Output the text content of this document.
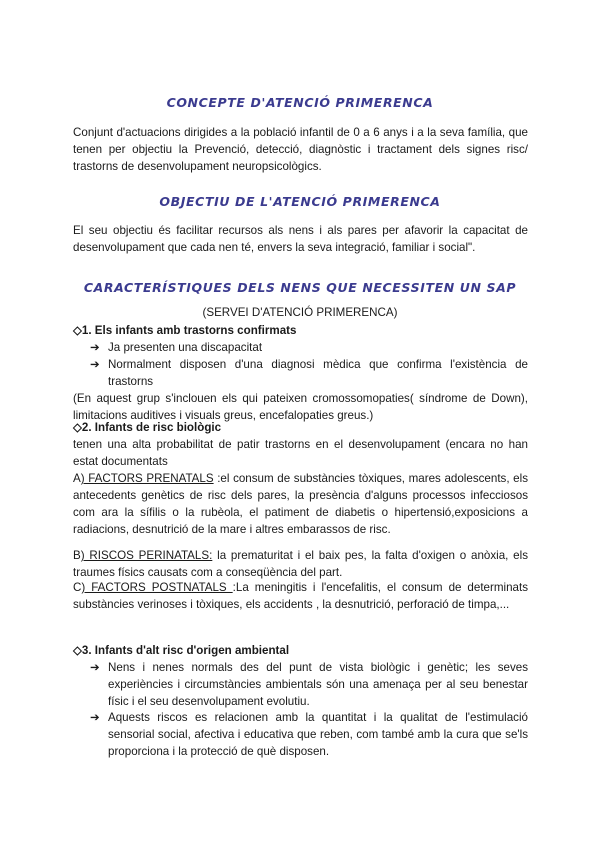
CONCEPTE D'ATENCIÓ PRIMERENCA
Conjunt d'actuacions dirigides a la població infantil de 0 a 6 anys i a la seva família, que tenen per objectiu la Prevenció, detecció, diagnòstic i tractament dels signes risc/ trastorns de desenvolupament neuropsicològics.
OBJECTIU DE L'ATENCIÓ PRIMERENCA
El seu objectiu és facilitar recursos als nens i als pares per afavorir la capacitat de desenvolupament que cada nen té, envers la seva integració, familiar i social".
CARACTERÍSTIQUES DELS NENS QUE NECESSITEN UN SAP
(SERVEI D'ATENCIÓ PRIMERENCA)
◇1. Els infants amb trastorns confirmats
➔ Ja presenten una discapacitat
➔ Normalment disposen d'una diagnosi mèdica que confirma l'existència de trastorns
(En aquest grup s'inclouen els qui pateixen cromossomopaties( síndrome de Down), limitacions auditives i visuals greus, encefalopaties greus.)
◇2. Infants de risc biològic
tenen una alta probabilitat de patir trastorns en el desenvolupament (encara no han estat documentats
A) FACTORS PRENATALS :el consum de substàncies tòxiques, mares adolescents, els antecedents genètics de risc dels pares, la presència d'alguns processos infecciosos com ara la sífilis o la rubèola, el patiment de diabetis o hipertensió,exposicions a radiacions, desnutrició de la mare i altres embarassos de risc.
B) RISCOS PERINATALS: la prematuritat i el baix pes, la falta d'oxigen o anòxia, els traumes físics causats com a conseqüència del part.
C) FACTORS POSTNATALS :La meningitis i l'encefalitis, el consum de determinats substàncies verinoses i tòxiques, els accidents , la desnutrició, perforació de timpa,...
◇3. Infants d'alt risc d'origen ambiental
➔ Nens i nenes normals des del punt de vista biològic i genètic; les seves experiències i circumstàncies ambientals són una amenaça per al seu benestar físic i el seu desenvolupament evolutiu.
➔ Aquests riscos es relacionen amb la quantitat i la qualitat de l'estimulació sensorial social, afectiva i educativa que reben, com també amb la cura que se'ls proporciona i la protecció de què disposen.
